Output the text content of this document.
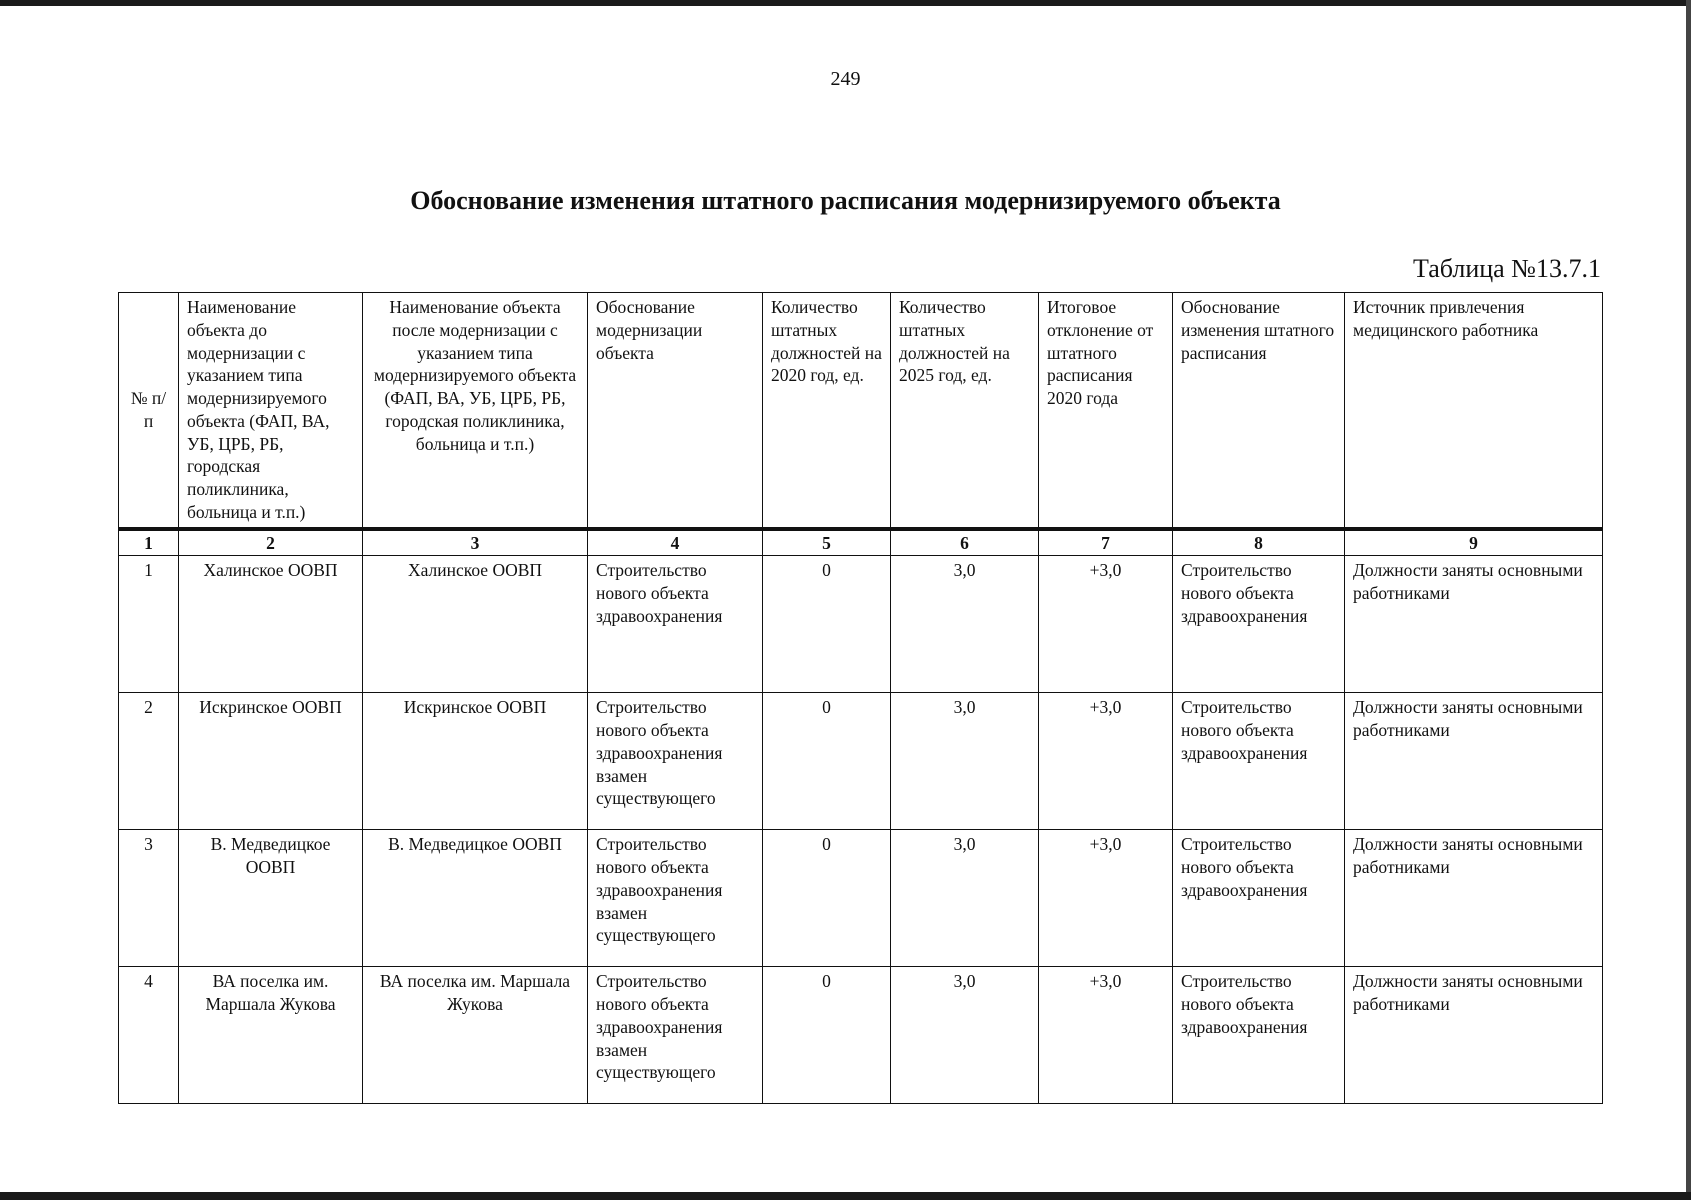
249
Обоснование изменения штатного расписания модернизируемого объекта
Таблица №13.7.1
№ п/п	Наименование объекта до модернизации с указанием типа модернизируемого объекта (ФАП, ВА, УБ, ЦРБ, РБ, городская поликлиника, больница и т.п.)	Наименование объекта после модернизации с указанием типа модернизируемого объекта (ФАП, ВА, УБ, ЦРБ, РБ, городская поликлиника, больница и т.п.)	Обоснование модернизации объекта	Количество штатных должностей на 2020 год, ед.	Количество штатных должностей на 2025 год, ед.	Итоговое отклонение от штатного расписания 2020 года	Обоснование изменения штатного расписания	Источник привлечения медицинского работника
1	2	3	4	5	6	7	8	9
1	Халинское ООВП	Халинское ООВП	Строительство нового объекта здравоохранения	0	3,0	+3,0	Строительство нового объекта здравоохранения	Должности заняты основными работниками
2	Искринское ООВП	Искринское ООВП	Строительство нового объекта здравоохранения взамен существующего	0	3,0	+3,0	Строительство нового объекта здравоохранения	Должности заняты основными работниками
3	В. Медведицкое ООВП	В. Медведицкое ООВП	Строительство нового объекта здравоохранения взамен существующего	0	3,0	+3,0	Строительство нового объекта здравоохранения	Должности заняты основными работниками
4	ВА поселка им. Маршала Жукова	ВА поселка им. Маршала Жукова	Строительство нового объекта здравоохранения взамен существующего	0	3,0	+3,0	Строительство нового объекта здравоохранения	Должности заняты основными работниками
